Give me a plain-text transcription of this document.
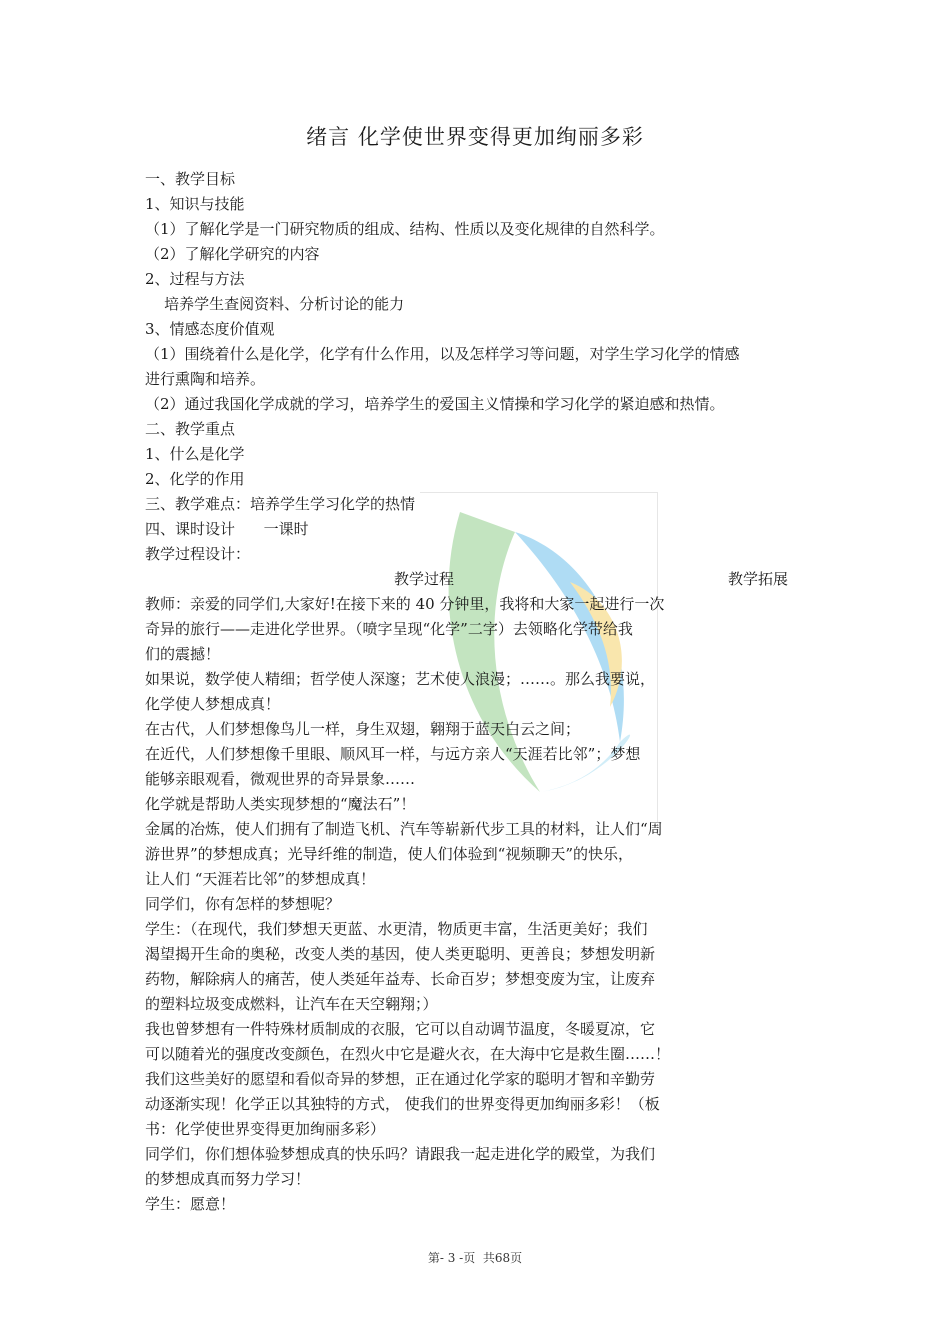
绪言 化学使世界变得更加绚丽多彩
一、教学目标
1、知识与技能
（1）了解化学是一门研究物质的组成、结构、性质以及变化规律的自然科学。
（2）了解化学研究的内容
2、过程与方法
培养学生查阅资料、分析讨论的能力
3、情感态度价值观
（1）围绕着什么是化学，化学有什么作用，以及怎样学习等问题，对学生学习化学的情感
进行熏陶和培养。
（2）通过我国化学成就的学习，培养学生的爱国主义情操和学习化学的紧迫感和热情。
二、教学重点
1、什么是化学
2、化学的作用
三、教学难点：培养学生学习化学的热情
四、课时设计      一课时
教学过程设计：
教学过程	教学拓展
教师：亲爱的同学们,大家好!在接下来的 40 分钟里，我将和大家一起进行一次
奇异的旅行——走进化学世界。（喷字呈现“化学”二字）去领略化学带给我
们的震撼！
如果说，数学使人精细；哲学使人深邃；艺术使人浪漫；……。那么我要说，
化学使人梦想成真！
在古代，人们梦想像鸟儿一样，身生双翅，翱翔于蓝天白云之间；
在近代，人们梦想像千里眼、顺风耳一样，与远方亲人“天涯若比邻”；梦想
能够亲眼观看，微观世界的奇异景象……
化学就是帮助人类实现梦想的“魔法石”！
金属的冶炼，使人们拥有了制造飞机、汽车等崭新代步工具的材料，让人们“周
游世界”的梦想成真；光导纤维的制造，使人们体验到“视频聊天”的快乐，
让人们 “天涯若比邻”的梦想成真！
同学们，你有怎样的梦想呢？
学生：（在现代，我们梦想天更蓝、水更清，物质更丰富，生活更美好；我们
渴望揭开生命的奥秘，改变人类的基因，使人类更聪明、更善良；梦想发明新
药物，解除病人的痛苦，使人类延年益寿、长命百岁；梦想变废为宝，让废弃
的塑料垃圾变成燃料，让汽车在天空翱翔；）
我也曾梦想有一件特殊材质制成的衣服，它可以自动调节温度，冬暖夏凉，它
可以随着光的强度改变颜色，在烈火中它是避火衣，在大海中它是救生圈……！
我们这些美好的愿望和看似奇异的梦想，正在通过化学家的聪明才智和辛勤劳
动逐渐实现！化学正以其独特的方式， 使我们的世界变得更加绚丽多彩！（板
书：化学使世界变得更加绚丽多彩）
同学们，你们想体验梦想成真的快乐吗？请跟我一起走进化学的殿堂，为我们
的梦想成真而努力学习！
学生：愿意！
第- 3 -页  共68页
